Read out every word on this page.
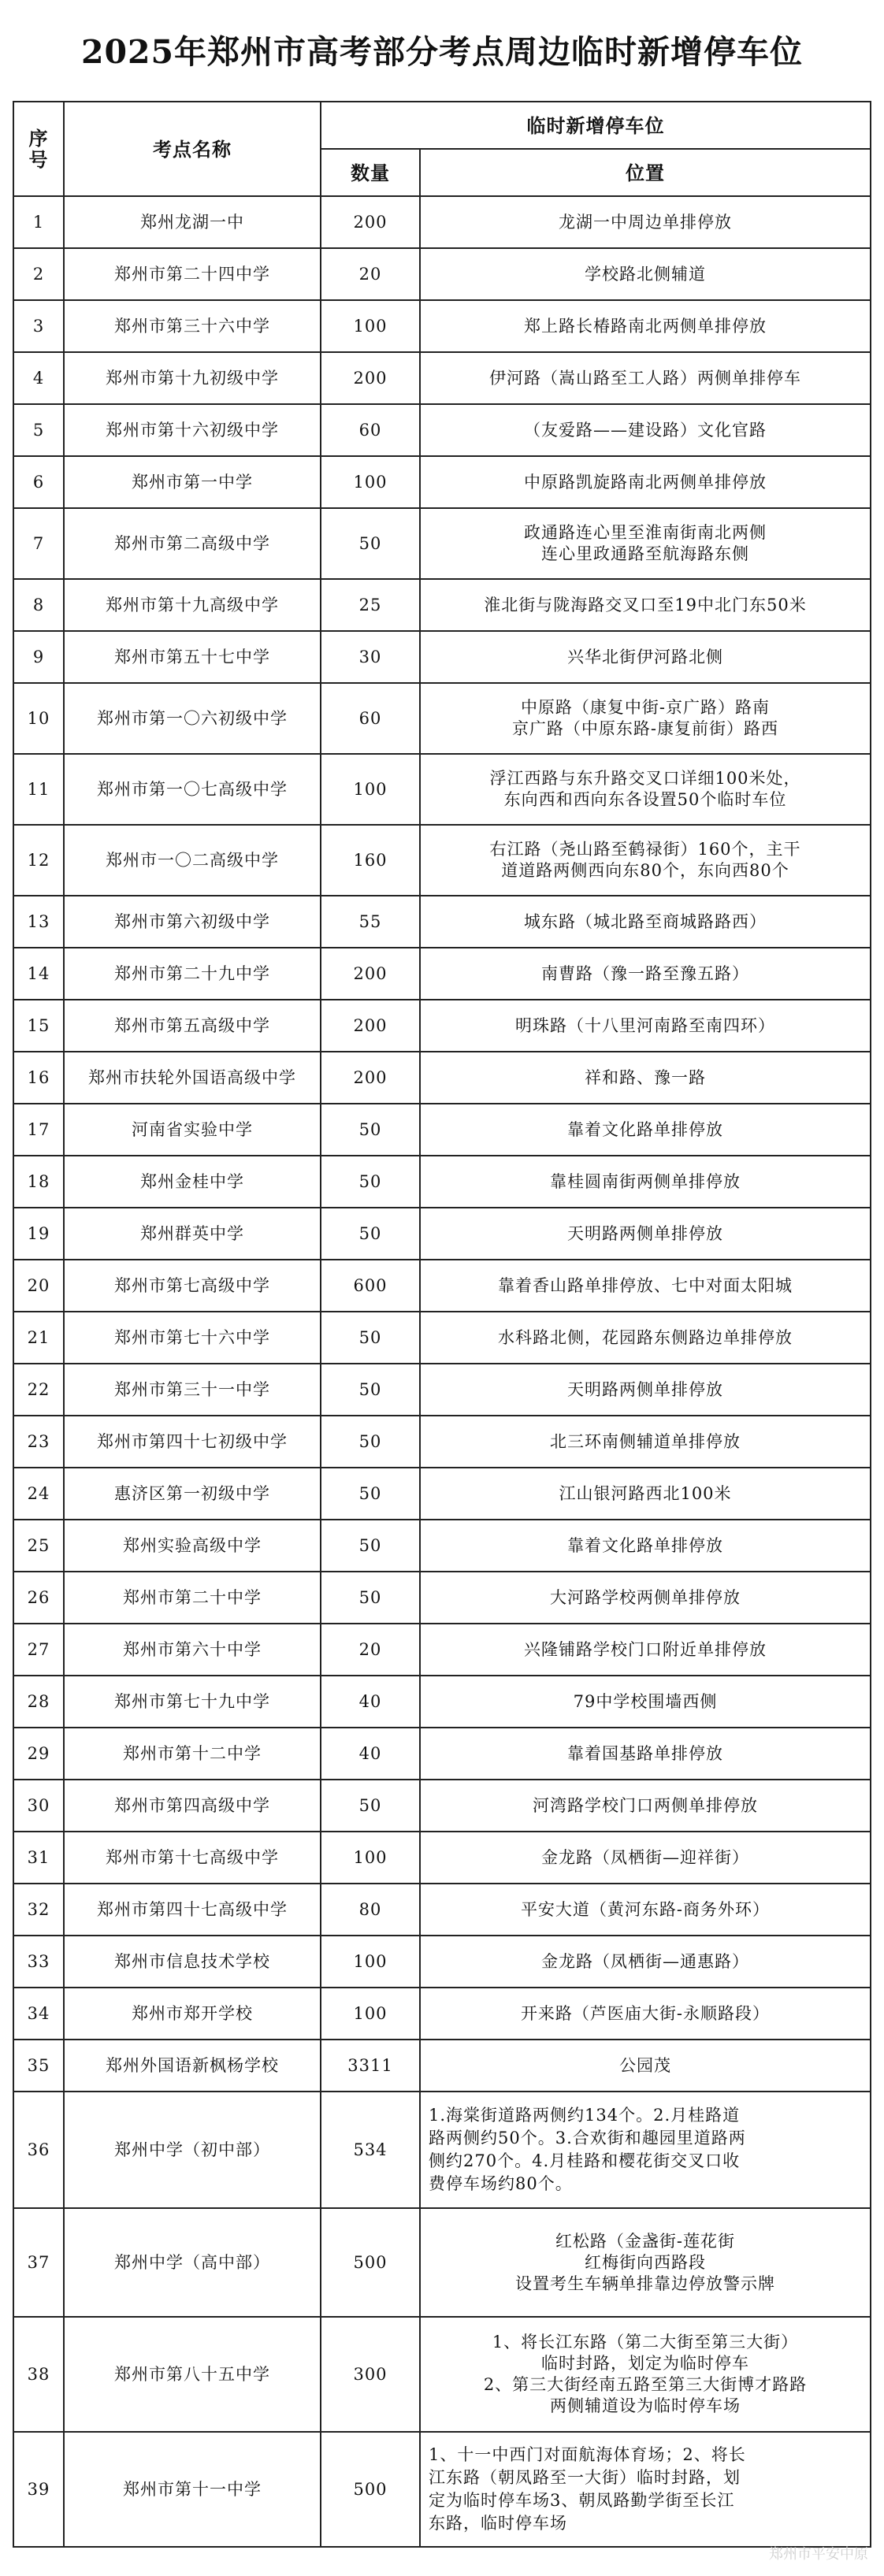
2025年郑州市高考部分考点周边临时新增停车位
序号	考点名称	临时新增停车位	
		数量	位置
1	郑州龙湖一中	200	龙湖一中周边单排停放
2	郑州市第二十四中学	20	学校路北侧辅道
3	郑州市第三十六中学	100	郑上路长椿路南北两侧单排停放
4	郑州市第十九初级中学	200	伊河路（嵩山路至工人路）两侧单排停车
5	郑州市第十六初级中学	60	（友爱路——建设路）文化官路
6	郑州市第一中学	100	中原路凯旋路南北两侧单排停放
7	郑州市第二高级中学	50	政通路连心里至淮南街南北两侧
连心里政通路至航海路东侧
8	郑州市第十九高级中学	25	淮北街与陇海路交叉口至19中北门东50米
9	郑州市第五十七中学	30	兴华北街伊河路北侧
10	郑州市第一〇六初级中学	60	中原路（康复中街-京广路）路南
京广路（中原东路-康复前街）路西
11	郑州市第一〇七高级中学	100	浮江西路与东升路交叉口详细100米处，
东向西和西向东各设置50个临时车位
12	郑州市一〇二高级中学	160	右江路（尧山路至鹤禄街）160个，主干
道道路两侧西向东80个，东向西80个
13	郑州市第六初级中学	55	城东路（城北路至商城路路西）
14	郑州市第二十九中学	200	南曹路（豫一路至豫五路）
15	郑州市第五高级中学	200	明珠路（十八里河南路至南四环）
16	郑州市扶轮外国语高级中学	200	祥和路、豫一路
17	河南省实验中学	50	靠着文化路单排停放
18	郑州金桂中学	50	靠桂圆南街两侧单排停放
19	郑州群英中学	50	天明路两侧单排停放
20	郑州市第七高级中学	600	靠着香山路单排停放、七中对面太阳城
21	郑州市第七十六中学	50	水科路北侧，花园路东侧路边单排停放
22	郑州市第三十一中学	50	天明路两侧单排停放
23	郑州市第四十七初级中学	50	北三环南侧辅道单排停放
24	惠济区第一初级中学	50	江山银河路西北100米
25	郑州实验高级中学	50	靠着文化路单排停放
26	郑州市第二十中学	50	大河路学校两侧单排停放
27	郑州市第六十中学	20	兴隆铺路学校门口附近单排停放
28	郑州市第七十九中学	40	79中学校围墙西侧
29	郑州市第十二中学	40	靠着国基路单排停放
30	郑州市第四高级中学	50	河湾路学校门口两侧单排停放
31	郑州市第十七高级中学	100	金龙路（凤栖街—迎祥街）
32	郑州市第四十七高级中学	80	平安大道（黄河东路-商务外环）
33	郑州市信息技术学校	100	金龙路（凤栖街—通惠路）
34	郑州市郑开学校	100	开来路（芦医庙大街-永顺路段）
35	郑州外国语新枫杨学校	3311	公园茂
36	郑州中学（初中部）	534	1.海棠街道路两侧约134个。2.月桂路道
路两侧约50个。3.合欢街和趣园里道路两
侧约270个。4.月桂路和樱花街交叉口收
费停车场约80个。
37	郑州中学（高中部）	500	红松路（金盏街-莲花街
红梅街向西路段
设置考生车辆单排靠边停放警示牌
38	郑州市第八十五中学	300	1、将长江东路（第二大街至第三大街）
临时封路，划定为临时停车
2、第三大街经南五路至第三大街博才路路
两侧辅道设为临时停车场
39	郑州市第十一中学	500	1、十一中西门对面航海体育场；2、将长
江东路（朝凤路至一大街）临时封路，划
定为临时停车场3、朝凤路勤学街至长江
东路，临时停车场
郑州市平安中原
